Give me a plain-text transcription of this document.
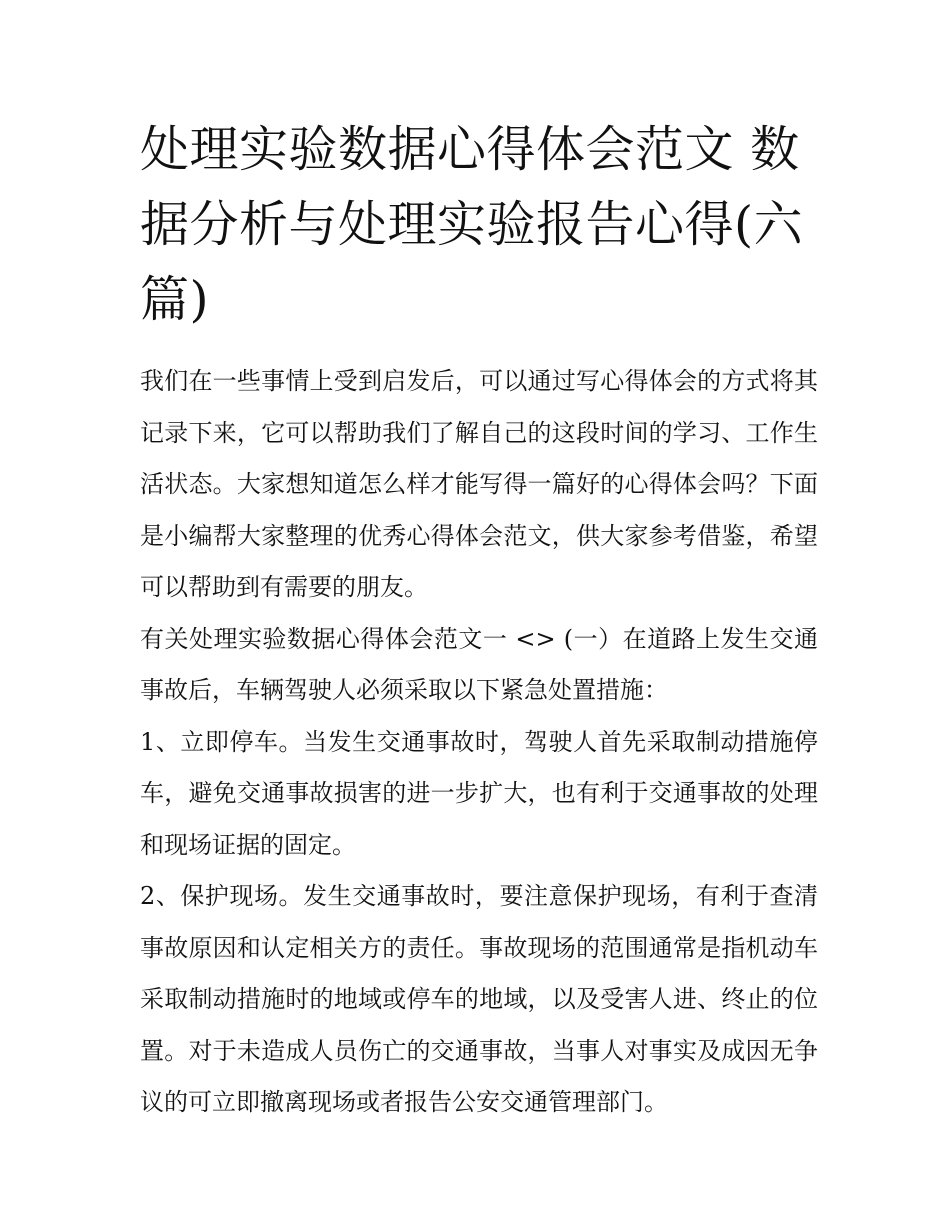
处理实验数据心得体会范文 数据分析与处理实验报告心得(六篇)

我们在一些事情上受到启发后，可以通过写心得体会的方式将其记录下来，它可以帮助我们了解自己的这段时间的学习、工作生活状态。大家想知道怎么样才能写得一篇好的心得体会吗？下面是小编帮大家整理的优秀心得体会范文，供大家参考借鉴，希望可以帮助到有需要的朋友。

有关处理实验数据心得体会范文一 <> (一）在道路上发生交通事故后，车辆驾驶人必须采取以下紧急处置措施：

1、立即停车。当发生交通事故时，驾驶人首先采取制动措施停车，避免交通事故损害的进一步扩大，也有利于交通事故的处理和现场证据的固定。

2、保护现场。发生交通事故时，要注意保护现场，有利于查清事故原因和认定相关方的责任。事故现场的范围通常是指机动车采取制动措施时的地域或停车的地域，以及受害人进、终止的位置。对于未造成人员伤亡的交通事故，当事人对事实及成因无争议的可立即撤离现场或者报告公安交通管理部门。
